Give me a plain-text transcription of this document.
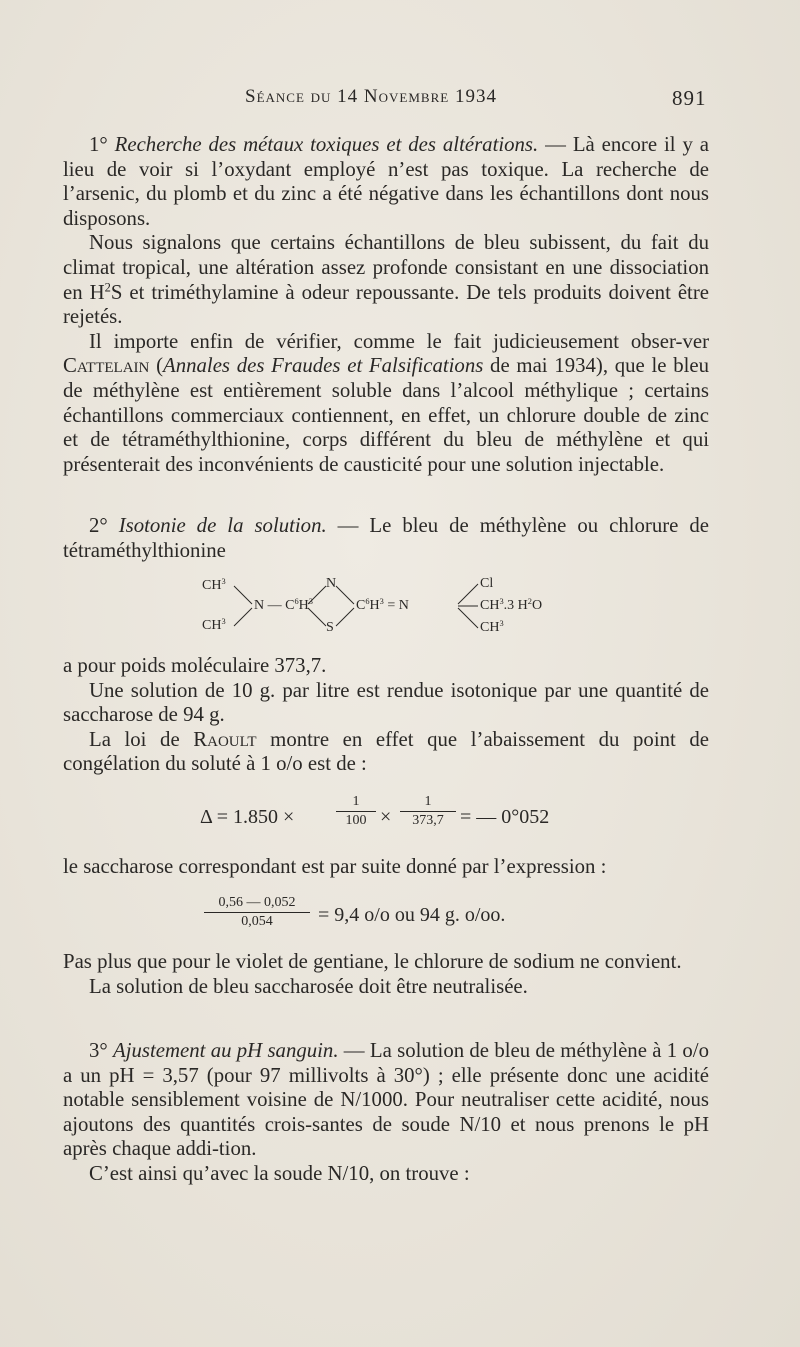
Séance du 14 Novembre 1934	891

1° Recherche des métaux toxiques et des altérations. — Là encore il y a lieu de voir si l’oxydant employé n’est pas toxique. La recherche de l’arsenic, du plomb et du zinc a été négative dans les échantillons dont nous disposons.

Nous signalons que certains échantillons de bleu subissent, du fait du climat tropical, une altération assez profonde consistant en une dissociation en $H^2S$ et triméthylamine à odeur repoussante. De tels produits doivent être rejetés.

Il importe enfin de vérifier, comme le fait judicieusement obser-ver Cattelain (Annales des Fraudes et Falsifications de mai 1934), que le bleu de méthylène est entièrement soluble dans l’alcool méthylique ; certains échantillons commerciaux contiennent, en effet, un chlorure double de zinc et de tétraméthylthionine, corps différent du bleu de méthylène et qui présenterait des inconvénients de causticité pour une solution injectable.

2° Isotonie de la solution. — Le bleu de méthylène ou chlorure de tétraméthylthionine

$CH^3$
$CH^3$
N — $C^6H^3$
N
S
$C^6H^3 = N$
Cl
$CH^3.3$ $H^2O$
$CH^3$

a pour poids moléculaire 373,7.

Une solution de 10 g. par litre est rendue isotonique par une quantité de saccharose de 94 g.

La loi de Raoult montre en effet que l’abaissement du point de congélation du soluté à 1 o/o est de :

Δ = 1.850 ×
1
100 ×
1
373,7 = — 0°052

le saccharose correspondant est par suite donné par l’expression :

0,56 — 0,052
0,054	= 9,4 o/o ou 94 g. o/oo.

Pas plus que pour le violet de gentiane, le chlorure de sodium ne convient.

La solution de bleu saccharosée doit être neutralisée.

3° Ajustement au pH sanguin. — La solution de bleu de méthylène à 1 o/o a un pH = 3,57 (pour 97 millivolts à 30°) ; elle présente donc une acidité notable sensiblement voisine de N/1000. Pour neutraliser cette acidité, nous ajoutons des quantités crois-santes de soude N/10 et nous prenons le pH après chaque addi-tion.

C’est ainsi qu’avec la soude N/10, on trouve :
